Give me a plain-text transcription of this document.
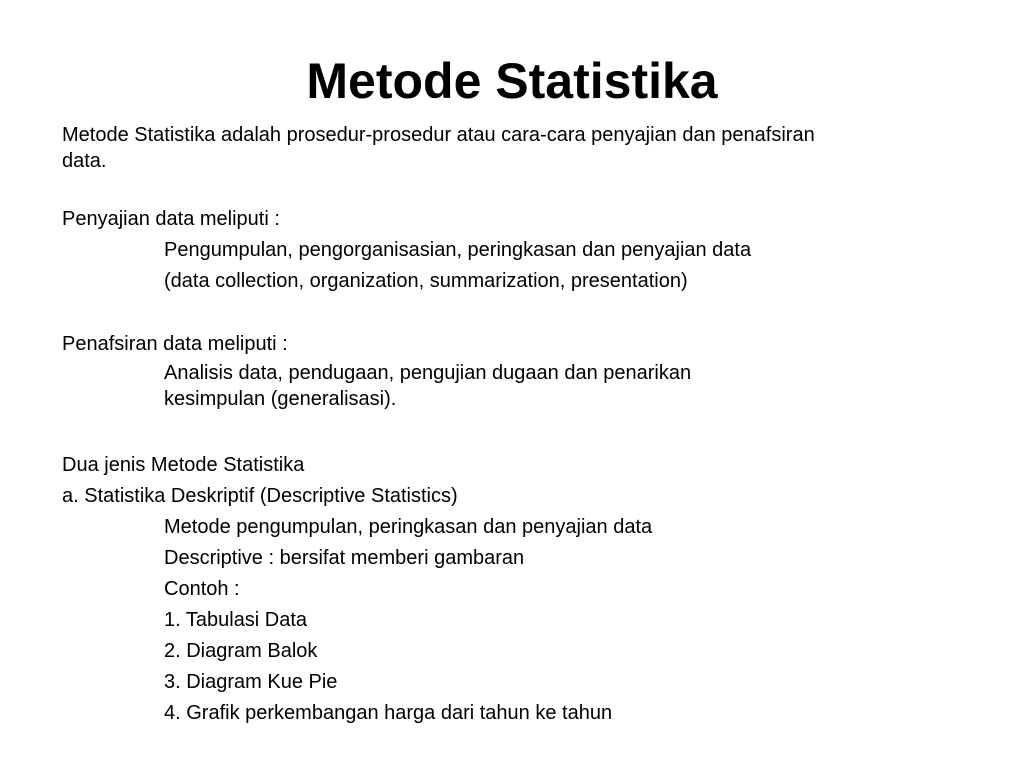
Metode Statistika
Metode Statistika adalah prosedur-prosedur atau cara-cara penyajian dan penafsiran
data.
Penyajian data meliputi :
Pengumpulan, pengorganisasian, peringkasan dan penyajian data
(data collection, organization, summarization, presentation)
Penafsiran data meliputi :
Analisis data, pendugaan, pengujian dugaan dan penarikan
kesimpulan (generalisasi).
Dua jenis Metode Statistika
a. Statistika Deskriptif (Descriptive Statistics)
Metode pengumpulan, peringkasan dan penyajian data
Descriptive : bersifat memberi gambaran
Contoh :
1. Tabulasi Data
2. Diagram Balok
3. Diagram Kue Pie
4. Grafik perkembangan harga dari tahun ke tahun
